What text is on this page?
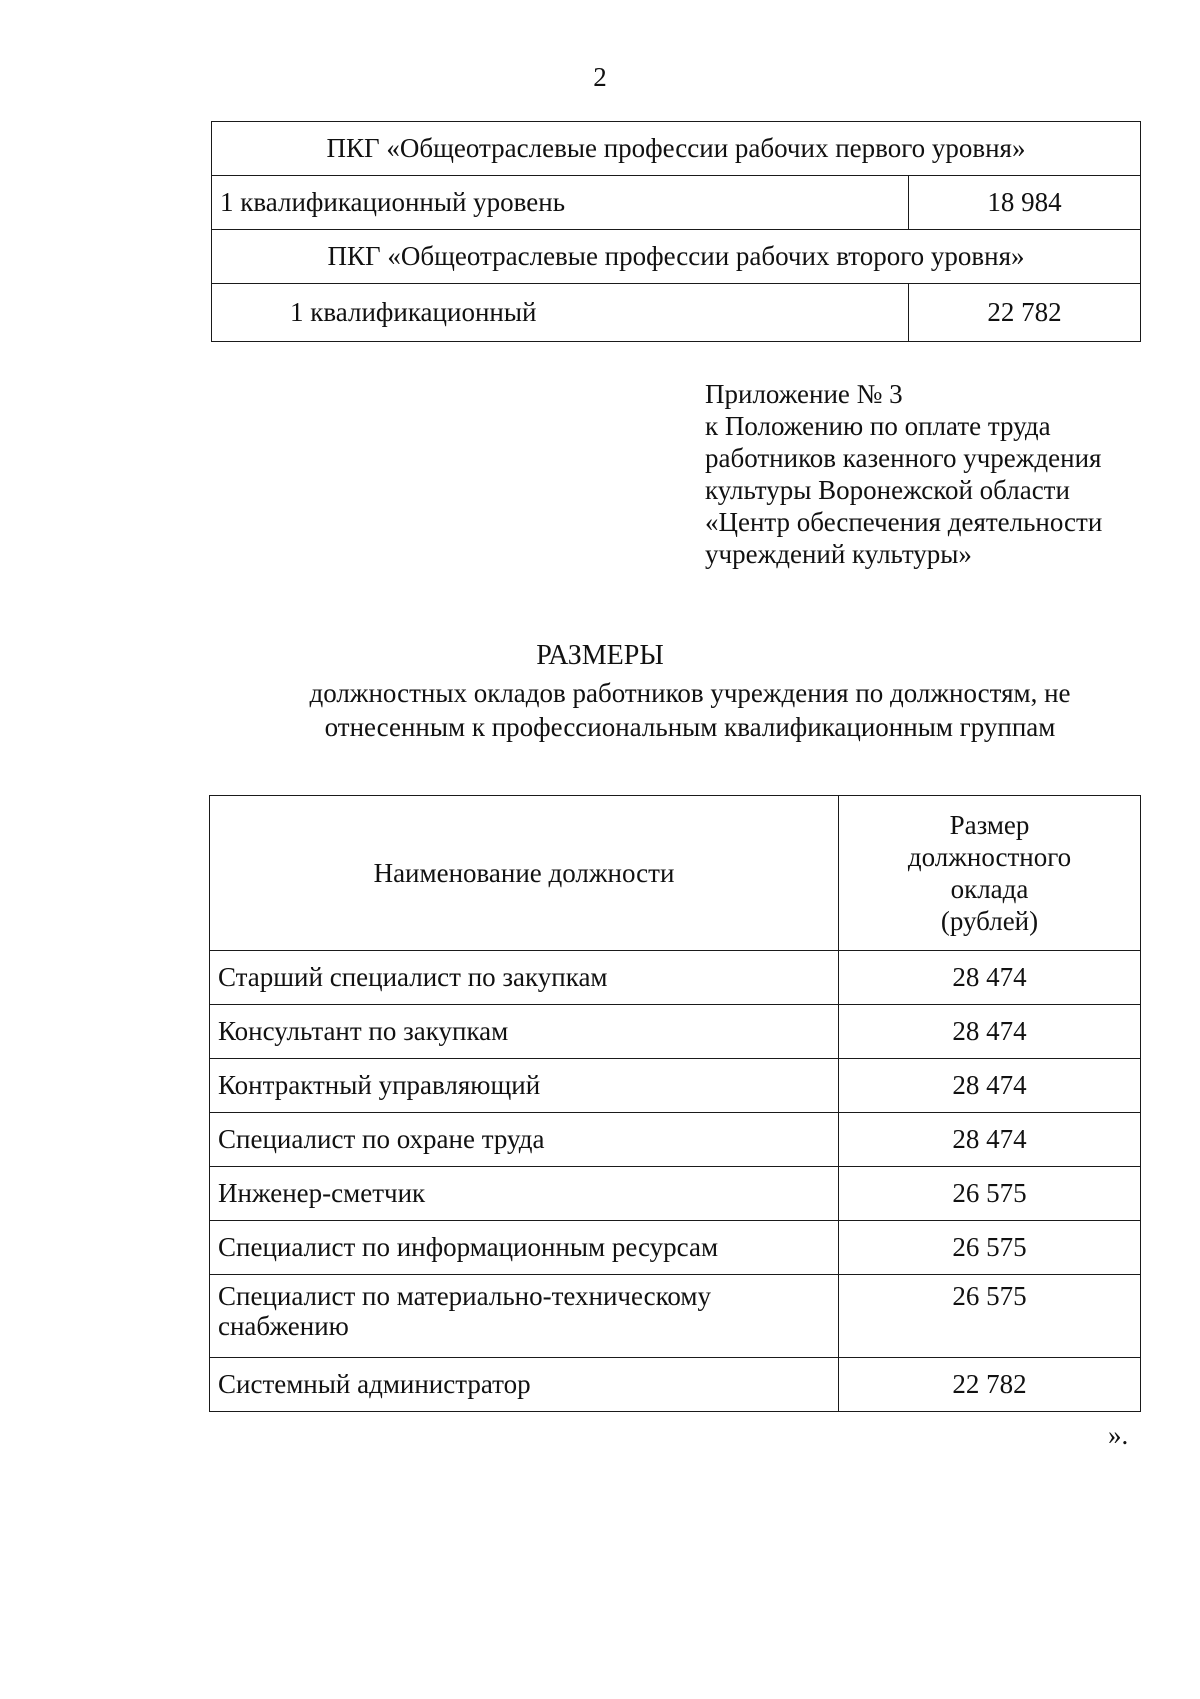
2
ПКГ «Общеотраслевые профессии рабочих первого уровня»	
1 квалификационный уровень	18 984
ПКГ «Общеотраслевые профессии рабочих второго уровня»	
1 квалификационный	22 782
Приложение № 3
к Положению по оплате труда
работников казенного учреждения
культуры Воронежской области
«Центр обеспечения деятельности
учреждений культуры»
РАЗМЕРЫ
должностных окладов работников учреждения по должностям, не
отнесенным к профессиональным квалификационным группам
Наименование должности	Размер
должностного
оклада
(рублей)

Старший специалист по закупкам	28 474
Консультант по закупкам	28 474
Контрактный управляющий	28 474
Специалист по охране труда	28 474
Инженер-сметчик	26 575
Специалист по информационным ресурсам	26 575

Специалист по материально-техническому
снабжению	26 575
Системный администратор	22 782
».
